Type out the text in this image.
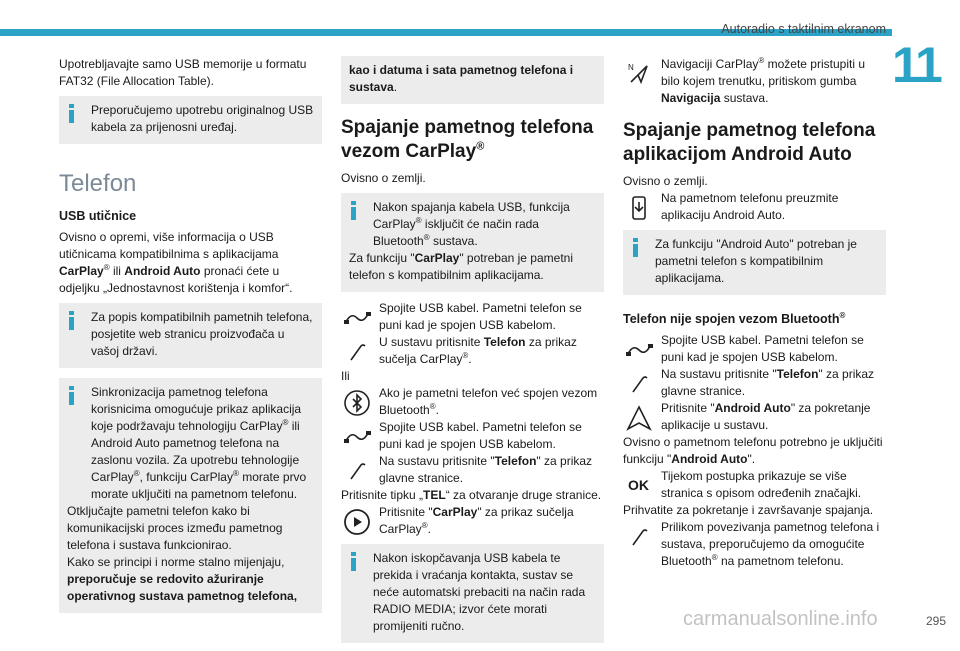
Autoradio s taktilnim ekranom
11

Upotrebljavajte samo USB memorije u formatu FAT32 (File Allocation Table).

Preporučujemo upotrebu originalnog USB kabela za prijenosni uređaj.
Telefon
USB utičnice

Ovisno o opremi, više informacija o USB utičnicama kompatibilnima s aplikacijama CarPlay® ili Android Auto pronaći ćete u odjeljku „Jednostavnost korištenja i komfor“.

Za popis kompatibilnih pametnih telefona, posjetite web stranicu proizvođača u vašoj državi.
Sinkronizacija pametnog telefona korisnicima omogućuje prikaz aplikacija koje podržavaju tehnologiju CarPlay® ili Android Auto pametnog telefona na zaslonu vozila. Za upotrebu tehnologije CarPlay®, funkciju CarPlay® morate prvo morate uključiti na pametnom telefonu.
Otključajte pametni telefon kako bi komunikacijski proces između pametnog telefona i sustava funkcionirao.
Kako se principi i norme stalno mijenjaju, preporučuje se redovito ažuriranje operativnog sustava pametnog telefona,
kao i datuma i sata pametnog telefona i sustava.
Spajanje pametnog telefona vezom CarPlay®

Ovisno o zemlji.

Nakon spajanja kabela USB, funkcija CarPlay® isključit će način rada Bluetooth® sustava.
Za funkciju "CarPlay" potreban je pametni telefon s kompatibilnim aplikacijama.
Spojite USB kabel. Pametni telefon se puni kad je spojen USB kabelom.
U sustavu pritisnite Telefon za prikaz sučelja CarPlay®.

Ili

Ako je pametni telefon već spojen vezom Bluetooth®.
Spojite USB kabel. Pametni telefon se puni kad je spojen USB kabelom.
Na sustavu pritisnite "Telefon" za prikaz glavne stranice.

Pritisnite tipku „TEL“ za otvaranje druge stranice.

Pritisnite "CarPlay" za prikaz sučelja CarPlay®.
Nakon iskopčavanja USB kabela te prekida i vraćanja kontakta, sustav se neće automatski prebaciti na način rada RADIO MEDIA; izvor ćete morati promijeniti ručno.
N Navigaciji CarPlay® možete pristupiti u bilo kojem trenutku, pritiskom gumba Navigacija sustava.
Spajanje pametnog telefona aplikacijom Android Auto

Ovisno o zemlji.

Na pametnom telefonu preuzmite aplikaciju Android Auto.
Za funkciju "Android Auto" potreban je pametni telefon s kompatibilnim aplikacijama.
Telefon nije spojen vezom Bluetooth®
Spojite USB kabel. Pametni telefon se puni kad je spojen USB kabelom.
Na sustavu pritisnite "Telefon" za prikaz glavne stranice.
Pritisnite "Android Auto" za pokretanje aplikacije u sustavu.

Ovisno o pametnom telefonu potrebno je uključiti funkciju "Android Auto".

OK
Tijekom postupka prikazuje se više stranica s opisom određenih značajki.

Prihvatite za pokretanje i završavanje spajanja.

Prilikom povezivanja pametnog telefona i sustava, preporučujemo da omogućite Bluetooth® na pametnom telefonu.
295
carmanualsonline.info
